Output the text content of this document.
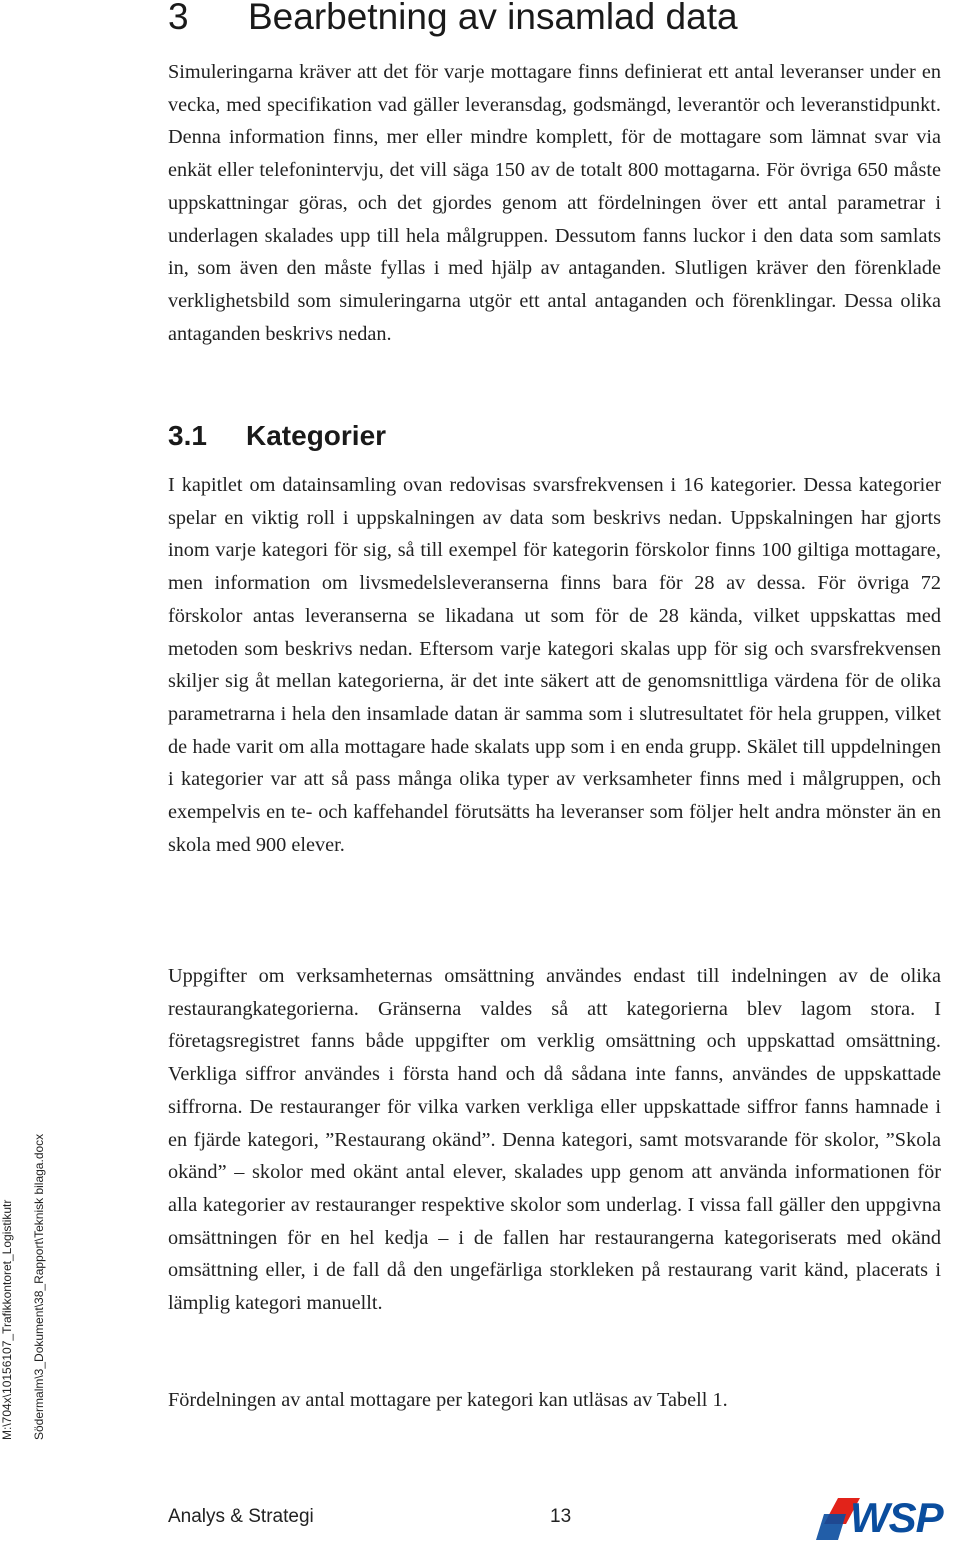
3 Bearbetning av insamlad data

Simuleringarna kräver att det för varje mottagare finns definierat ett antal leveranser under en vecka, med specifikation vad gäller leveransdag, godsmängd, leverantör och leveranstidpunkt. Denna information finns, mer eller mindre komplett, för de mottagare som lämnat svar via enkät eller telefonintervju, det vill säga 150 av de totalt 800 mottagarna. För övriga 650 måste uppskattningar göras, och det gjordes genom att fördelningen över ett antal parametrar i underlagen skalades upp till hela målgruppen. Dessutom fanns luckor i den data som samlats in, som även den måste fyllas i med hjälp av antaganden. Slutligen kräver den förenklade verklighetsbild som simuleringarna utgör ett antal antaganden och förenklingar. Dessa olika antaganden beskrivs nedan.

3.1 Kategorier

I kapitlet om datainsamling ovan redovisas svarsfrekvensen i 16 kategorier. Dessa kategorier spelar en viktig roll i uppskalningen av data som beskrivs nedan. Uppskalningen har gjorts inom varje kategori för sig, så till exempel för kategorin förskolor finns 100 giltiga mottagare, men information om livsmedelsleveranserna finns bara för 28 av dessa. För övriga 72 förskolor antas leveranserna se likadana ut som för de 28 kända, vilket uppskattas med metoden som beskrivs nedan. Eftersom varje kategori skalas upp för sig och svarsfrekvensen skiljer sig åt mellan kategorierna, är det inte säkert att de genomsnittliga värdena för de olika parametrarna i hela den insamlade datan är samma som i slutresultatet för hela gruppen, vilket de hade varit om alla mottagare hade skalats upp som i en enda grupp. Skälet till uppdelningen i kategorier var att så pass många olika typer av verksamheter finns med i målgruppen, och exempelvis en te- och kaffehandel förutsätts ha leveranser som följer helt andra mönster än en skola med 900 elever.

Uppgifter om verksamheternas omsättning användes endast till indelningen av de olika restaurangkategorierna. Gränserna valdes så att kategorierna blev lagom stora. I företagsregistret fanns både uppgifter om verklig omsättning och uppskattad omsättning. Verkliga siffror användes i första hand och då sådana inte fanns, användes de uppskattade siffrorna. De restauranger för vilka varken verkliga eller uppskattade siffror fanns hamnade i en fjärde kategori, ”Restaurang okänd”. Denna kategori, samt motsvarande för skolor, ”Skola okänd” – skolor med okänt antal elever, skalades upp genom att använda informationen för alla kategorier av restauranger respektive skolor som underlag. I vissa fall gäller den uppgivna omsättningen för en hel kedja – i de fallen har restaurangerna kategoriserats med okänd omsättning eller, i de fall då den ungefärliga storkleken på restaurang varit känd, placerats i lämplig kategori manuellt.

Fördelningen av antal mottagare per kategori kan utläsas av Tabell 1.

M:\704x\10156107_Trafikkontoret_Logistikutr Södermalm\3_Dokument\38_Rapport\Teknisk bilaga.docx
Analys & Strategi	13	WSP
